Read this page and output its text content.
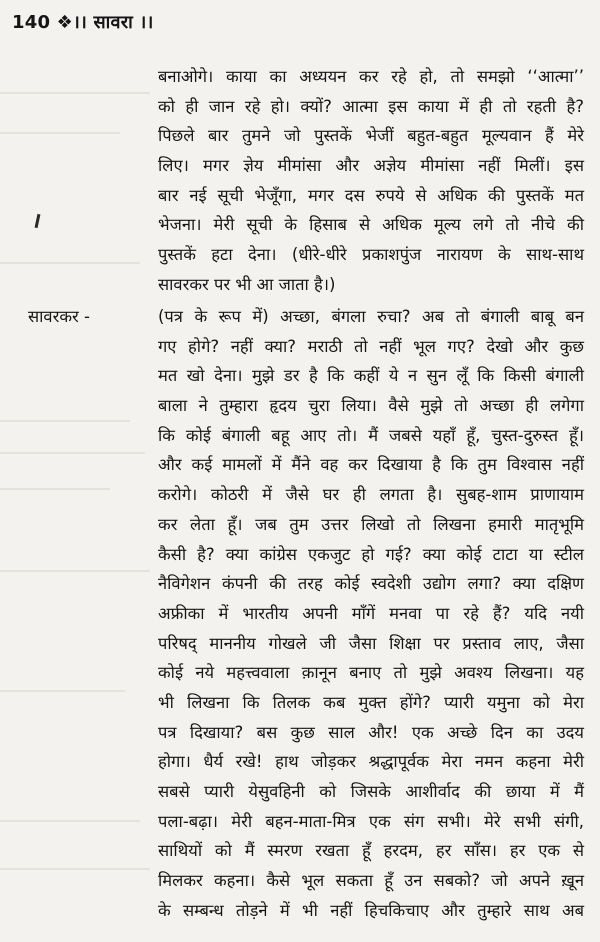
140 ❖।। सावरा ।।
बनाओगे। काया का अध्ययन कर रहे हो, तो समझो ‘‘आत्मा’’
को ही जान रहे हो। क्यों? आत्मा इस काया में ही तो रहती है?
पिछले बार तुमने जो पुस्तकें भेजीं बहुत-बहुत मूल्यवान हैं मेरे
लिए। मगर ज्ञेय मीमांसा और अज्ञेय मीमांसा नहीं मिलीं। इस
बार नई सूची भेजूँगा, मगर दस रुपये से अधिक की पुस्तकें मत
भेजना। मेरी सूची के हिसाब से अधिक मूल्य लगे तो नीचे की
पुस्तकें हटा देना। (धीरे-धीरे प्रकाशपुंज नारायण के साथ-साथ
सावरकर पर भी आ जाता है।)
सावरकर -	(पत्र के रूप में) अच्छा, बंगला रुचा? अब तो बंगाली बाबू बन
गए होगे? नहीं क्या? मराठी तो नहीं भूल गए? देखो और कुछ
मत खो देना। मुझे डर है कि कहीं ये न सुन लूँ कि किसी बंगाली
बाला ने तुम्हारा हृदय चुरा लिया। वैसे मुझे तो अच्छा ही लगेगा
कि कोई बंगाली बहू आए तो। मैं जबसे यहाँ हूँ, चुस्त-दुरुस्त हूँ।
और कई मामलों में मैंने वह कर दिखाया है कि तुम विश्वास नहीं
करोगे। कोठरी में जैसे घर ही लगता है। सुबह-शाम प्राणायाम
कर लेता हूँ। जब तुम उत्तर लिखो तो लिखना हमारी मातृभूमि
कैसी है? क्या कांग्रेस एकजुट हो गई? क्या कोई टाटा या स्टील
नैविगेशन कंपनी की तरह कोई स्वदेशी उद्योग लगा? क्या दक्षिण
अफ्रीका में भारतीय अपनी माँगें मनवा पा रहे हैं? यदि नयी
परिषद् माननीय गोखले जी जैसा शिक्षा पर प्रस्ताव लाए, जैसा
कोई नये महत्त्ववाला क़ानून बनाए तो मुझे अवश्य लिखना। यह
भी लिखना कि तिलक कब मुक्त होंगे? प्यारी यमुना को मेरा
पत्र दिखाया? बस कुछ साल और! एक अच्छे दिन का उदय
होगा। धैर्य रखे! हाथ जोड़कर श्रद्धापूर्वक मेरा नमन कहना मेरी
सबसे प्यारी येसुवहिनी को जिसके आशीर्वाद की छाया में मैं
पला-बढ़ा। मेरी बहन-माता-मित्र एक संग सभी। मेरे सभी संगी,
साथियों को मैं स्मरण रखता हूँ हरदम, हर साँस। हर एक से
मिलकर कहना। कैसे भूल सकता हूँ उन सबको? जो अपने ख़ून
के सम्बन्ध तोड़ने में भी नहीं हिचकिचाए और तुम्हारे साथ अब
